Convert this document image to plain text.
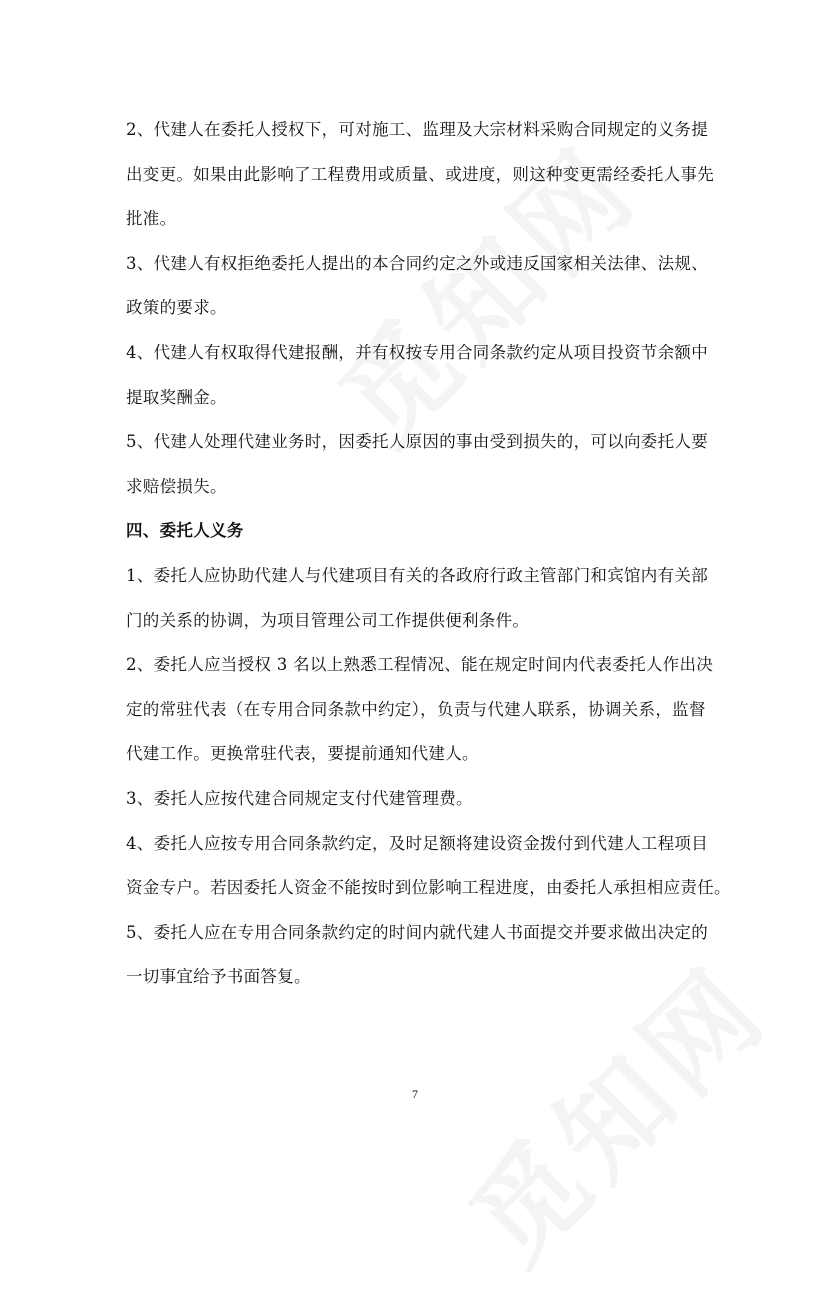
2、代建人在委托人授权下，可对施工、监理及大宗材料采购合同规定的义务提
出变更。如果由此影响了工程费用或质量、或进度，则这种变更需经委托人事先
批准。
3、代建人有权拒绝委托人提出的本合同约定之外或违反国家相关法律、法规、
政策的要求。
4、代建人有权取得代建报酬，并有权按专用合同条款约定从项目投资节余额中
提取奖酬金。
5、代建人处理代建业务时，因委托人原因的事由受到损失的，可以向委托人要
求赔偿损失。
四、委托人义务
1、委托人应协助代建人与代建项目有关的各政府行政主管部门和宾馆内有关部
门的关系的协调，为项目管理公司工作提供便利条件。
2、委托人应当授权 3 名以上熟悉工程情况、能在规定时间内代表委托人作出决
定的常驻代表（在专用合同条款中约定），负责与代建人联系，协调关系，监督
代建工作。更换常驻代表，要提前通知代建人。
3、委托人应按代建合同规定支付代建管理费。
4、委托人应按专用合同条款约定，及时足额将建设资金拨付到代建人工程项目
资金专户。若因委托人资金不能按时到位影响工程进度，由委托人承担相应责任。
5、委托人应在专用合同条款约定的时间内就代建人书面提交并要求做出决定的
一切事宜给予书面答复。
7
